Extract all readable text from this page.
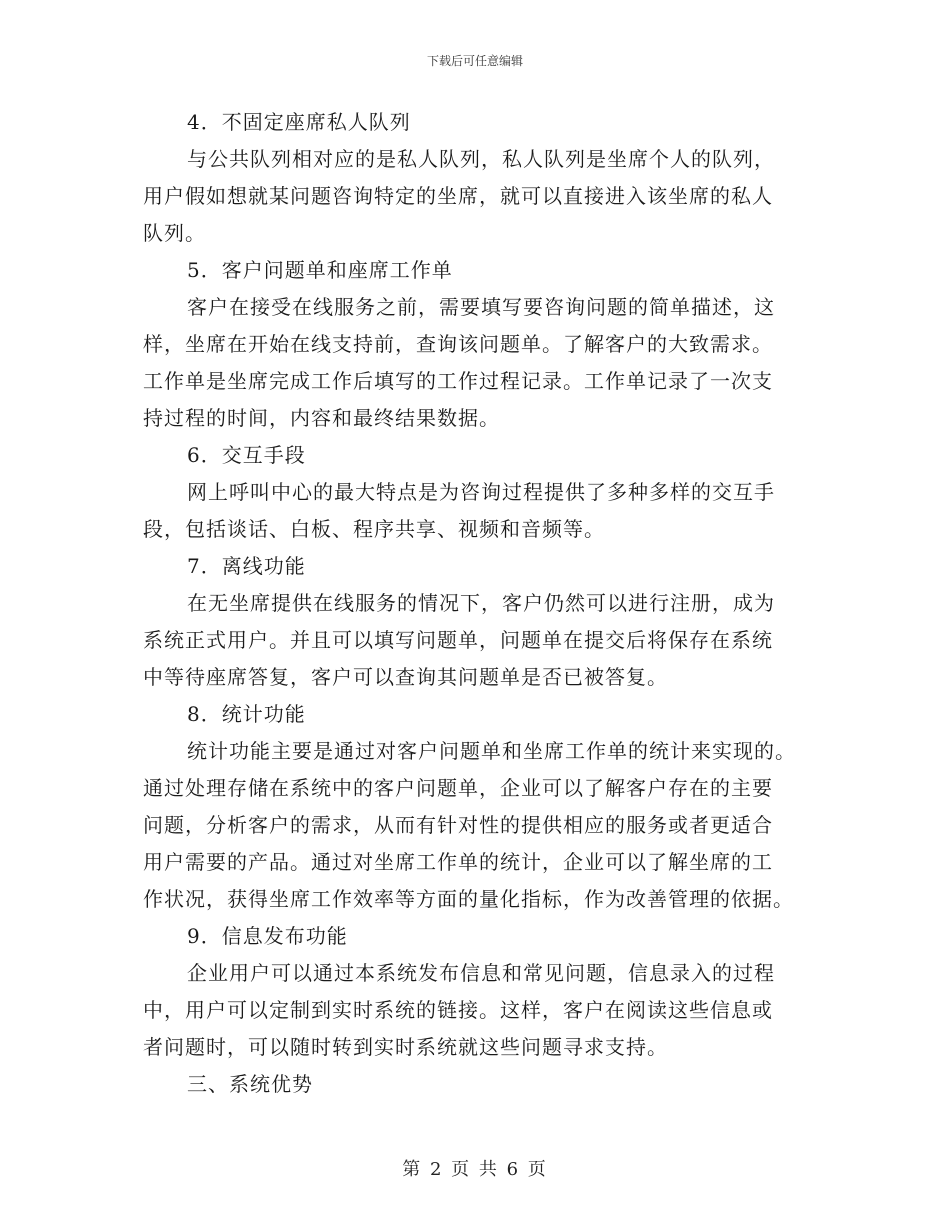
下载后可任意编辑

4．不固定座席私人队列

与公共队列相对应的是私人队列，私人队列是坐席个人的队列，
用户假如想就某问题咨询特定的坐席，就可以直接进入该坐席的私人
队列。

5．客户问题单和座席工作单

客户在接受在线服务之前，需要填写要咨询问题的简单描述，这
样，坐席在开始在线支持前，查询该问题单。了解客户的大致需求。
工作单是坐席完成工作后填写的工作过程记录。工作单记录了一次支
持过程的时间，内容和最终结果数据。

6．交互手段

网上呼叫中心的最大特点是为咨询过程提供了多种多样的交互手
段，包括谈话、白板、程序共享、视频和音频等。

7．离线功能

在无坐席提供在线服务的情况下，客户仍然可以进行注册，成为
系统正式用户。并且可以填写问题单，问题单在提交后将保存在系统
中等待座席答复，客户可以查询其问题单是否已被答复。

8．统计功能

统计功能主要是通过对客户问题单和坐席工作单的统计来实现的。
通过处理存储在系统中的客户问题单，企业可以了解客户存在的主要
问题，分析客户的需求，从而有针对性的提供相应的服务或者更适合
用户需要的产品。通过对坐席工作单的统计，企业可以了解坐席的工
作状况，获得坐席工作效率等方面的量化指标，作为改善管理的依据。

9．信息发布功能

企业用户可以通过本系统发布信息和常见问题，信息录入的过程
中，用户可以定制到实时系统的链接。这样，客户在阅读这些信息或
者问题时，可以随时转到实时系统就这些问题寻求支持。

三、系统优势

第 2 页 共 6 页
